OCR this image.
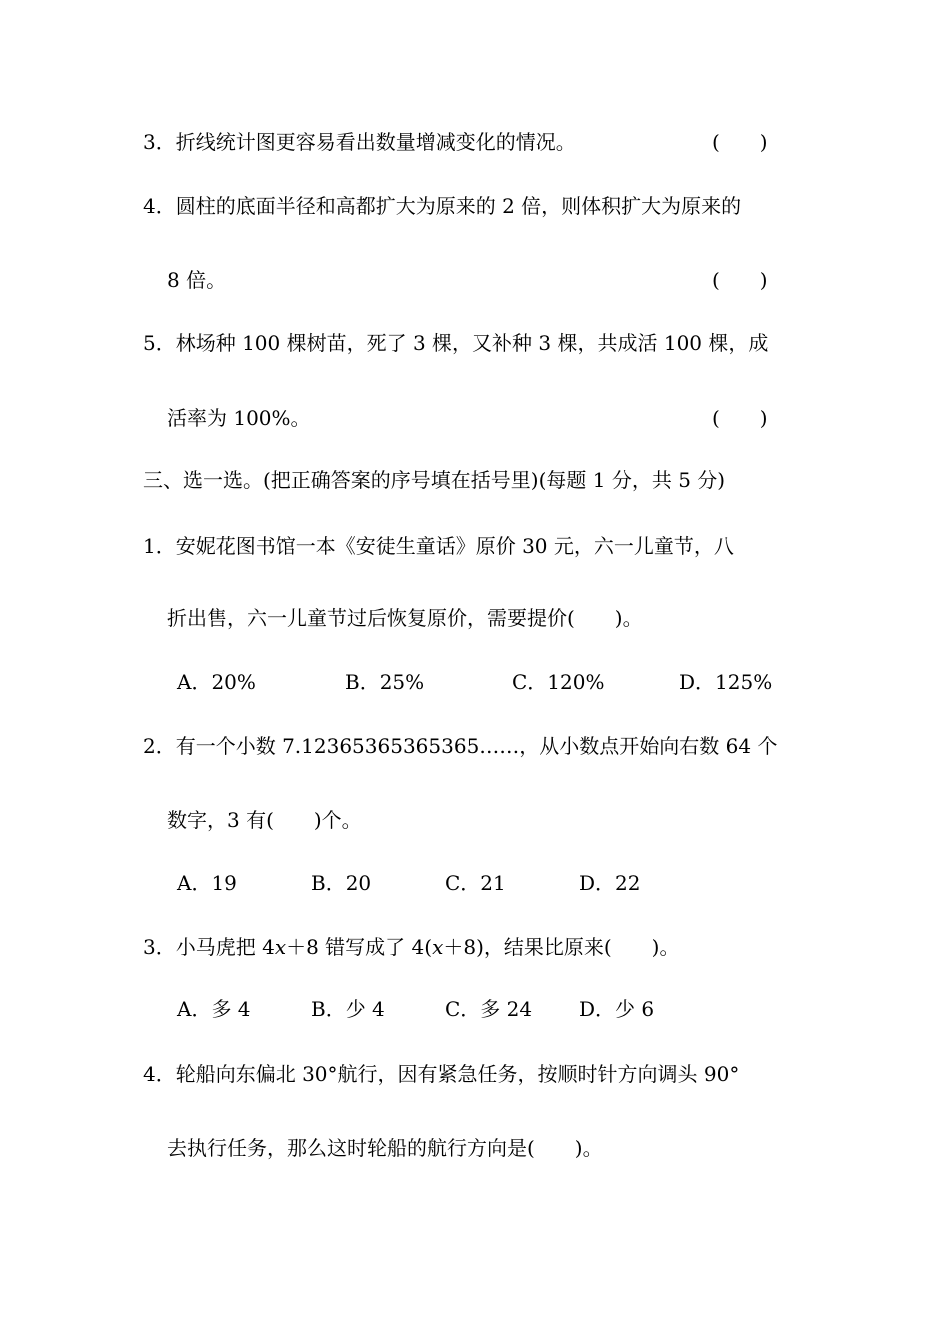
3．折线统计图更容易看出数量增减变化的情况。	(　　)
4．圆柱的底面半径和高都扩大为原来的 2 倍，则体积扩大为原来的
8 倍。	(　　)
5．林场种 100 棵树苗，死了 3 棵，又补种 3 棵，共成活 100 棵，成
活率为 100%。	(　　)
三、选一选。(把正确答案的序号填在括号里)(每题 1 分，共 5 分)
1．安妮花图书馆一本《安徒生童话》原价 30 元，六一儿童节，八
折出售，六一儿童节过后恢复原价，需要提价(　　)。
A．20%	B．25%	C．120%	D．125%
2．有一个小数 7.12365365365365……，从小数点开始向右数 64 个
数字，3 有(　　)个。
A．19	B．20	C．21	D．22
3．小马虎把 4x＋8 错写成了 4(x＋8)，结果比原来(　　)。
A．多 4	B．少 4	C．多 24 D．少 6
4．轮船向东偏北 30°航行，因有紧急任务，按顺时针方向调头 90°
去执行任务，那么这时轮船的航行方向是(　　)。
